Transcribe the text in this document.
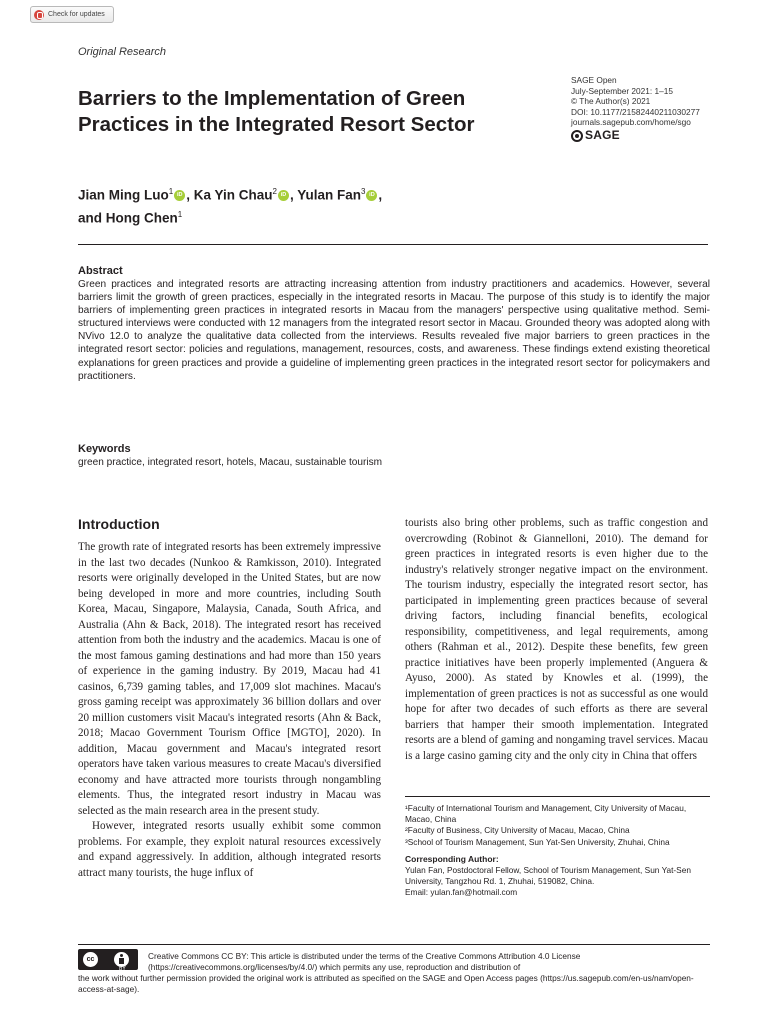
Check for updates
Original Research
Barriers to the Implementation of Green Practices in the Integrated Resort Sector
SAGE Open
July-September 2021: 1–15
© The Author(s) 2021
DOI: 10.1177/21582440211030277
journals.sagepub.com/home/sgo
SAGE
Jian Ming Luo$^1$ iD , Ka Yin Chau$^2$ iD , Yulan Fan$^3$ iD ,
and Hong Chen$^1$
Abstract

Green practices and integrated resorts are attracting increasing attention from industry practitioners and academics. However, several barriers limit the growth of green practices, especially in the integrated resorts in Macau. The purpose of this study is to identify the major barriers of implementing green practices in integrated resorts in Macau from the managers' perspective using qualitative method. Semi-structured interviews were conducted with 12 managers from the integrated resort sector in Macau. Grounded theory was adopted along with NVivo 12.0 to analyze the qualitative data collected from the interviews. Results revealed five major barriers to green practices in the integrated resort sector: policies and regulations, management, resources, costs, and awareness. These findings extend existing theoretical explanations for green practices and provide a guideline of implementing green practices in the integrated resort sector for policymakers and practitioners.

Keywords

green practice, integrated resort, hotels, Macau, sustainable tourism

Introduction

The growth rate of integrated resorts has been extremely impressive in the last two decades (Nunkoo & Ramkisson, 2010). Integrated resorts were originally developed in the United States, but are now being developed in more and more countries, including South Korea, Macau, Singapore, Malaysia, Canada, South Africa, and Australia (Ahn & Back, 2018). The integrated resort has received attention from both the industry and the academics. Macau is one of the most famous gaming destinations and had more than 150 years of experience in the gaming industry. By 2019, Macau had 41 casinos, 6,739 gaming tables, and 17,009 slot machines. Macau's gross gaming receipt was approximately 36 billion dollars and over 20 million customers visit Macau's integrated resorts (Ahn & Back, 2018; Macao Government Tourism Office [MGTO], 2020). In addition, Macau government and Macau's integrated resort operators have taken various measures to create Macau's diversified economy and have attracted more tourists through nongambling elements. Thus, the integrated resort industry in Macau was selected as the main research area in the present study.

However, integrated resorts usually exhibit some common problems. For example, they exploit natural resources excessively and expand aggressively. In addition, although integrated resorts attract many tourists, the huge influx of

tourists also bring other problems, such as traffic congestion and overcrowding (Robinot & Giannelloni, 2010). The demand for green practices in integrated resorts is even higher due to the industry's relatively stronger negative impact on the environment. The tourism industry, especially the integrated resort sector, has participated in implementing green practices because of several driving factors, including financial benefits, ecological responsibility, competitiveness, and legal requirements, among others (Rahman et al., 2012). Despite these benefits, few green practice initiatives have been properly implemented (Anguera & Ayuso, 2000). As stated by Knowles et al. (1999), the implementation of green practices is not as successful as one would hope for after two decades of such efforts as there are several barriers that hamper their smooth implementation. Integrated resorts are a blend of gaming and nongaming travel services. Macau is a large casino gaming city and the only city in China that offers

¹Faculty of International Tourism and Management, City University of Macau, Macao, China

²Faculty of Business, City University of Macau, Macao, China

³School of Tourism Management, Sun Yat-Sen University, Zhuhai, China

Corresponding Author:

Yulan Fan, Postdoctoral Fellow, School of Tourism Management, Sun Yat-Sen University, Tangzhou Rd. 1, Zhuhai, 519082, China.

Email: yulan.fan@hotmail.com

cc
BY
Creative Commons CC BY: This article is distributed under the terms of the Creative Commons Attribution 4.0 License (https://creativecommons.org/licenses/by/4.0/) which permits any use, reproduction and distribution of
the work without further permission provided the original work is attributed as specified on the SAGE and Open Access pages (https://us.sagepub.com/en-us/nam/open-access-at-sage).
